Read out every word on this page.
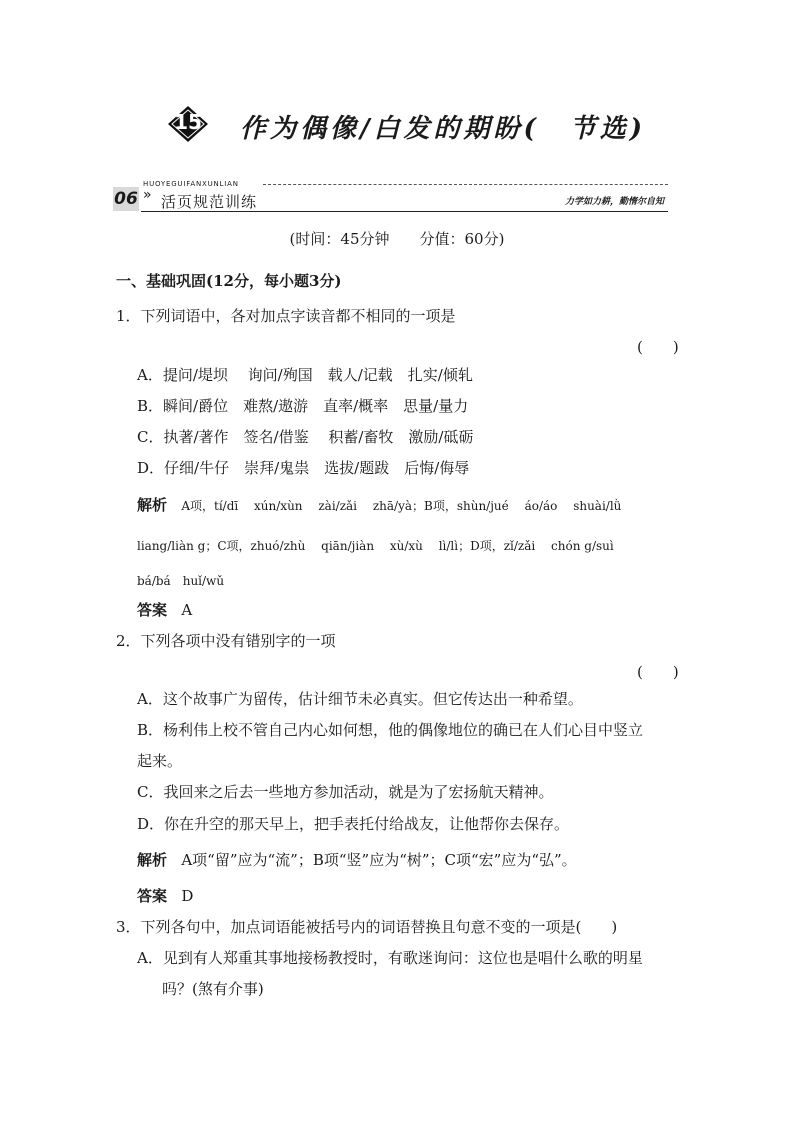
15	作为偶像/白发的期盼(　节选)
HUOYEGUIFANXUNLIAN
06 » 活页规范训练	力学如力耕，勤惰尔自知
(时间：45分钟　　分值：60分)
一、基础巩固(12分，每小题3分)
1．下列词语中，各对加点字读音都不相同的一项是
(　　)
A．提问/堤坝　 询问/殉国　载人/记载　扎实/倾轧
B．瞬间/爵位　难熬/遨游　直率/概率　思量/量力
C．执著/著作　签名/借鉴　 积蓄/畜牧　激励/砥砺
D．仔细/牛仔　崇拜/鬼祟　选拔/题跋　后悔/侮辱
解析 A项，tí/dī　 xún/xùn　 zài/zǎi　 zhā/yà；B项，shùn/jué　 áo/áo　 shuài/lǜ
liang/liàn g；C项，zhuó/zhù　 qiān/jiàn　 xù/xù　 lì/lì；D项，zǐ/zǎi　 chón g/suì
bá/bá　huǐ/wǔ
答案 A
2．下列各项中没有错别字的一项
(　　)
A．这个故事广为留传，估计细节未必真实。但它传达出一种希望。
B．杨利伟上校不管自己内心如何想，他的偶像地位的确已在人们心目中竖立
起来。
C．我回来之后去一些地方参加活动，就是为了宏扬航天精神。
D．你在升空的那天早上，把手表托付给战友，让他帮你去保存。
解析 A项“留”应为“流”；B项“竖”应为“树”；C项“宏”应为“弘”。
答案 D
3．下列各句中，加点词语能被括号内的词语替换且句意不变的一项是(　　)
A．见到有人郑重其事地接杨教授时，有歌迷询问：这位也是唱什么歌的明星
吗？(煞有介事)
